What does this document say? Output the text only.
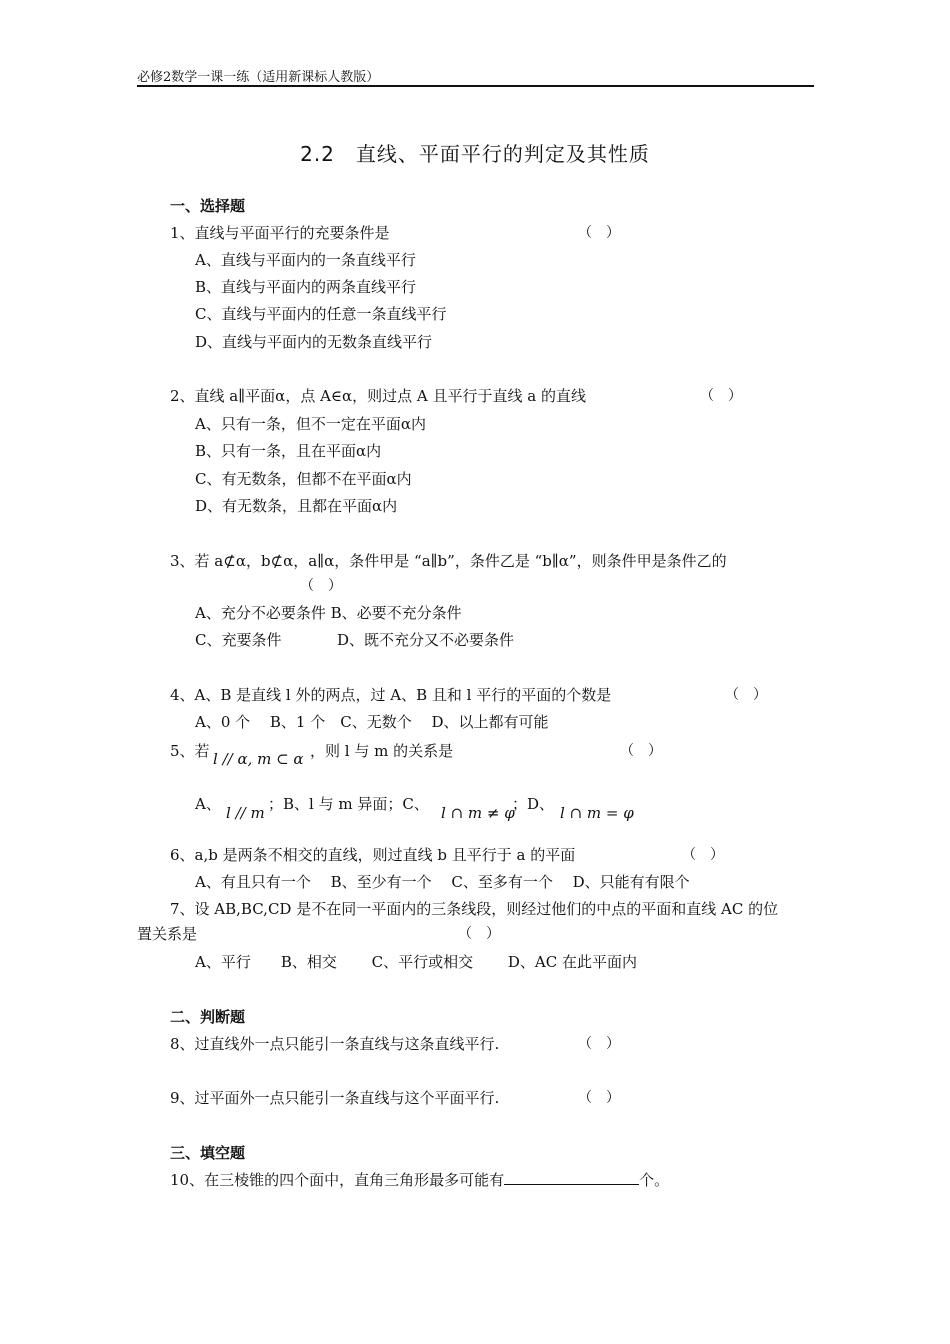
必修2数学一课一练（适用新课标人教版）
2.2　直线、平面平行的判定及其性质
一、选择题
1、直线与平面平行的充要条件是	（　）
A、直线与平面内的一条直线平行
B、直线与平面内的两条直线平行
C、直线与平面内的任意一条直线平行
D、直线与平面内的无数条直线平行
2、直线 a∥平面α，点 A∈α，则过点 A 且平行于直线 a 的直线	（　）
A、只有一条，但不一定在平面α内
B、只有一条，且在平面α内
C、有无数条，但都不在平面α内
D、有无数条，且都在平面α内
3、若 a⊄α，b⊄α，a∥α，条件甲是 “a∥b”，条件乙是 “b∥α”，则条件甲是条件乙的
（　）
A、充分不必要条件 B、必要不充分条件
C、充要条件	D、既不充分又不必要条件
4、A、B 是直线 l 外的两点，过 A、B 且和 l 平行的平面的个数是	（　）
A、0 个　 B、1 个　C、无数个　 D、以上都有可能
5、若 l // α, m ⊂ α ，则 l 与 m 的关系是	（　）
A、 l // m ；B、l 与 m 异面；C、 l ∩ m ≠ φ
；D、 l ∩ m = φ
6、a,b 是两条不相交的直线，则过直线 b 且平行于 a 的平面	（　）
A、有且只有一个　 B、至少有一个　 C、至多有一个　 D、只能有有限个
7、设 AB,BC,CD 是不在同一平面内的三条线段，则经过他们的中点的平面和直线 AC 的位
置关系是	（　）
A、平行　　B、相交　　 C、平行或相交　　 D、AC 在此平面内
二、判断题
8、过直线外一点只能引一条直线与这条直线平行.	（　）
9、过平面外一点只能引一条直线与这个平面平行.	（　）
三、填空题
10、在三棱锥的四个面中，直角三角形最多可能有	个。
